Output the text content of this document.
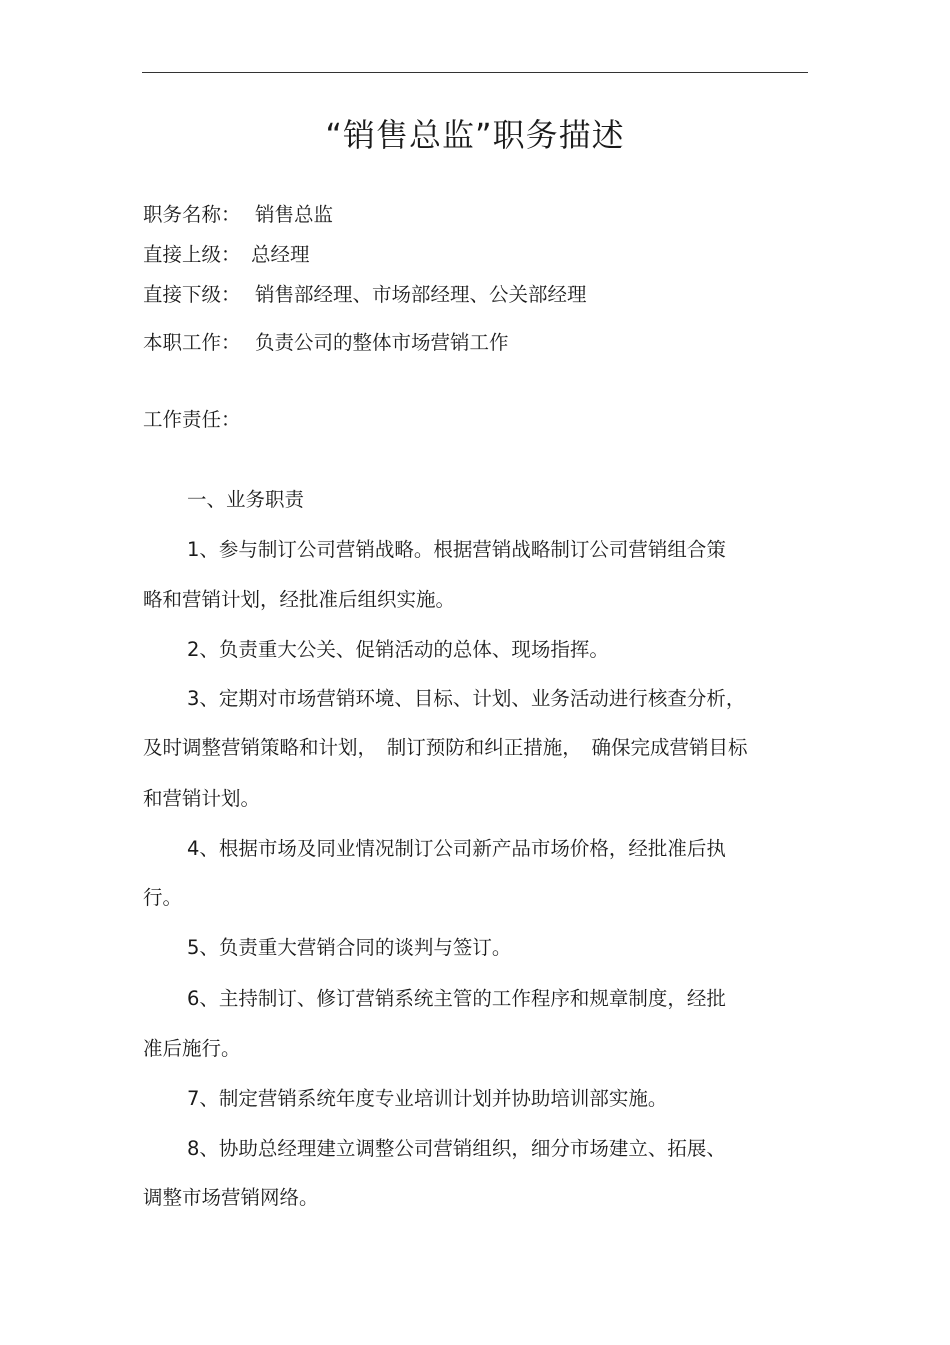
“销售总监”职务描述
职务名称： 销售总监
直接上级： 总经理
直接下级： 销售部经理、市场部经理、公关部经理
本职工作： 负责公司的整体市场营销工作
工作责任：
一、业务职责
1、参与制订公司营销战略。根据营销战略制订公司营销组合策
略和营销计划，经批准后组织实施。
2、负责重大公关、促销活动的总体、现场指挥。
3、定期对市场营销环境、目标、计划、业务活动进行核查分析，
及时调整营销策略和计划，　制订预防和纠正措施，　确保完成营销目标
和营销计划。
4、根据市场及同业情况制订公司新产品市场价格，经批准后执
行。
5、负责重大营销合同的谈判与签订。
6、主持制订、修订营销系统主管的工作程序和规章制度，经批
准后施行。
7、制定营销系统年度专业培训计划并协助培训部实施。
8、协助总经理建立调整公司营销组织，细分市场建立、拓展、
调整市场营销网络。
